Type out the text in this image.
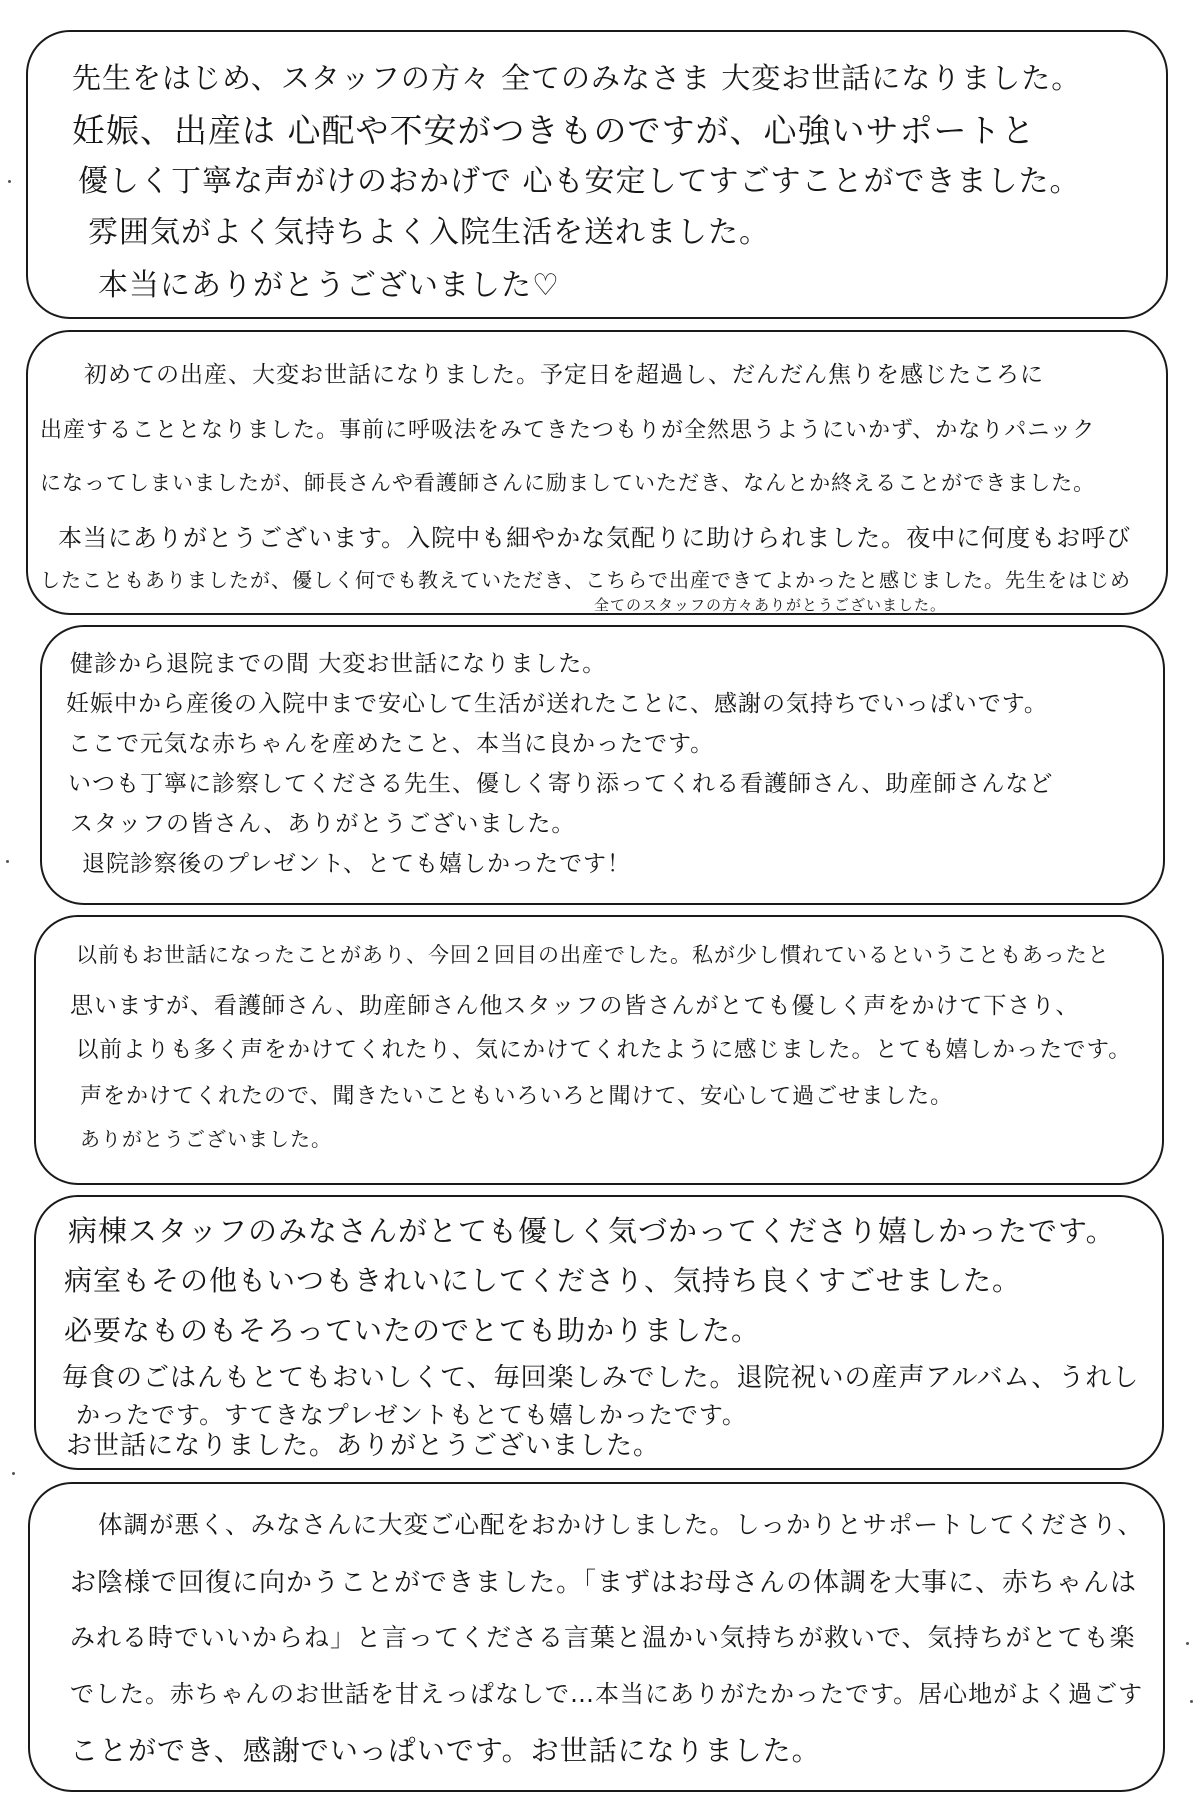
先生をはじめ、スタッフの方々 全てのみなさま 大変お世話になりました。
妊娠、出産は 心配や不安がつきものですが、心強いサポートと
優しく丁寧な声がけのおかげで 心も安定してすごすことができました。
雰囲気がよく気持ちよく入院生活を送れました。
本当にありがとうございました♡
初めての出産、大変お世話になりました。予定日を超過し、だんだん焦りを感じたころに
出産することとなりました。事前に呼吸法をみてきたつもりが全然思うようにいかず、かなりパニック
になってしまいましたが、師長さんや看護師さんに励ましていただき、なんとか終えることができました。
本当にありがとうございます。入院中も細やかな気配りに助けられました。夜中に何度もお呼び
したこともありましたが、優しく何でも教えていただき、こちらで出産できてよかったと感じました。先生をはじめ
全てのスタッフの方々ありがとうございました。
健診から退院までの間 大変お世話になりました。
妊娠中から産後の入院中まで安心して生活が送れたことに、感謝の気持ちでいっぱいです。
ここで元気な赤ちゃんを産めたこと、本当に良かったです。
いつも丁寧に診察してくださる先生、優しく寄り添ってくれる看護師さん、助産師さんなど
スタッフの皆さん、ありがとうございました。
退院診察後のプレゼント、とても嬉しかったです！
以前もお世話になったことがあり、今回２回目の出産でした。私が少し慣れているということもあったと
思いますが、看護師さん、助産師さん他スタッフの皆さんがとても優しく声をかけて下さり、
以前よりも多く声をかけてくれたり、気にかけてくれたように感じました。とても嬉しかったです。
声をかけてくれたので、聞きたいこともいろいろと聞けて、安心して過ごせました。
ありがとうございました。
病棟スタッフのみなさんがとても優しく気づかってくださり嬉しかったです。
病室もその他もいつもきれいにしてくださり、気持ち良くすごせました。
必要なものもそろっていたのでとても助かりました。
毎食のごはんもとてもおいしくて、毎回楽しみでした。退院祝いの産声アルバム、うれし
かったです。すてきなプレゼントもとても嬉しかったです。
お世話になりました。ありがとうございました。
体調が悪く、みなさんに大変ご心配をおかけしました。しっかりとサポートしてくださり、
お陰様で回復に向かうことができました。「まずはお母さんの体調を大事に、赤ちゃんは
みれる時でいいからね」と言ってくださる言葉と温かい気持ちが救いで、気持ちがとても楽
でした。赤ちゃんのお世話を甘えっぱなしで…本当にありがたかったです。居心地がよく過ごす
ことができ、感謝でいっぱいです。お世話になりました。
